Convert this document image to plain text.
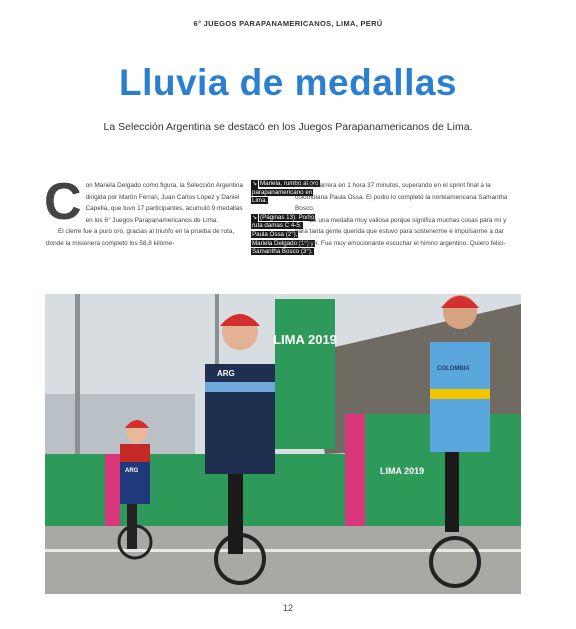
6° JUEGOS PARAPANAMERICANOS, LIMA, PERÚ
Lluvia de medallas
La Selección Argentina se destacó en los Juegos Parapanamericanos de Lima.
C on Mariela Delgado como figura, la Selección Argentina dirigida por Martín Ferrari, Juan Carlos López y Daniel Capella, que tuvo 17 participantes, acumuló 9 medallas en los 6° Juegos Parapanamericanos de Lima.

El cierre fue a puro oro, gracias al triunfo en la prueba de ruta, donde la misionera completó los 58,8 kilóme-

↘ Mariela, rumbo al oro parapanamericano en Lima.
↘ (Páginas 13): Podio ruta damas C 4-5: Paula Ossa (2°), Mariela Delgado (1°) y Samantha Bosco (3°).

tros de carrera en 1 hora 37 minutos, superando en el sprint final a la colombiana Paula Ossa. El podio lo completó la norteamericana Samantha Bosco.

“Es una medalla muy valiosa porque significa muchas cosas para mí y para tanta gente querida que estuvo para sostenerme e impulsarme a dar lo mejor. Fue muy emocionante escuchar el himno argentino. Quiero felici-

LIMA 2019
LIMA 2019
ARG
ARG	COLOMBIA
12
